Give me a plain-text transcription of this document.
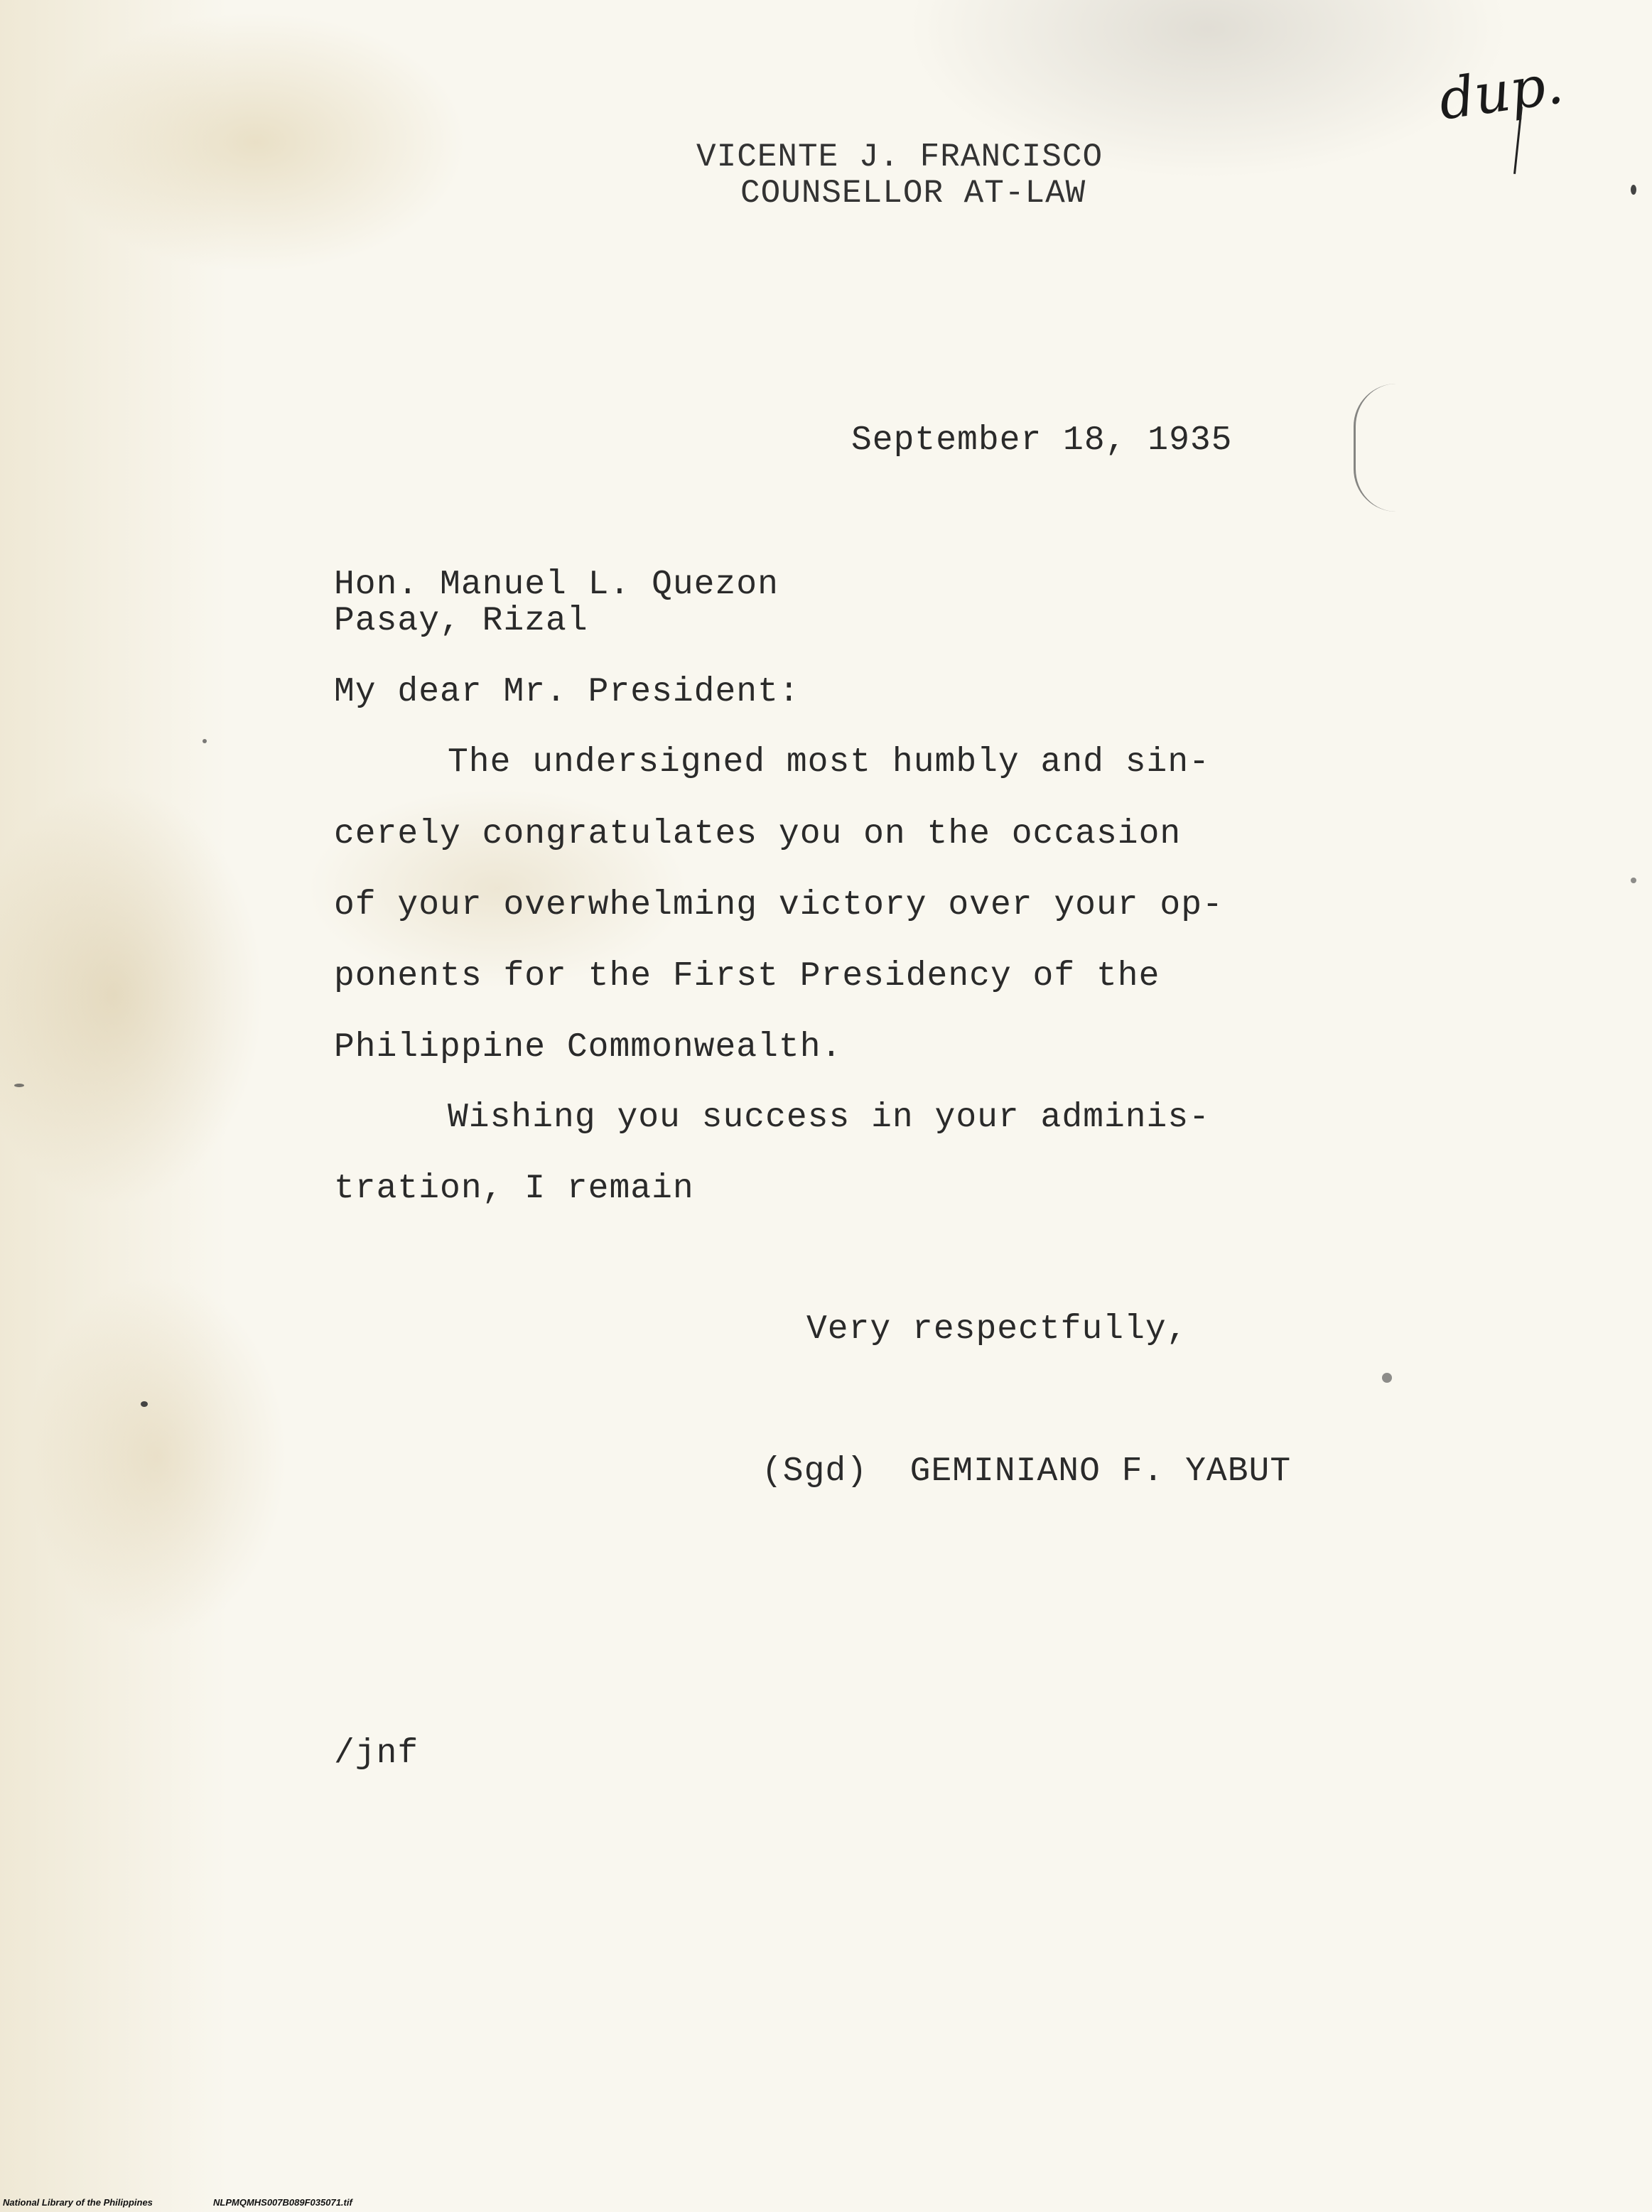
VICENTE J. FRANCISCO
COUNSELLOR AT-LAW
dup.
September 18, 1935
Hon. Manuel L. Quezon
Pasay, Rizal
My dear Mr. President:
The undersigned most humbly and sin-
cerely congratulates you on the occasion
of your overwhelming victory over your op-
ponents for the First Presidency of the
Philippine Commonwealth.
Wishing you success in your adminis-
tration, I remain
Very respectfully,
(Sgd)  GEMINIANO F. YABUT
/jnf
National Library of the Philippines	NLPMQMHS007B089F035071.tif
